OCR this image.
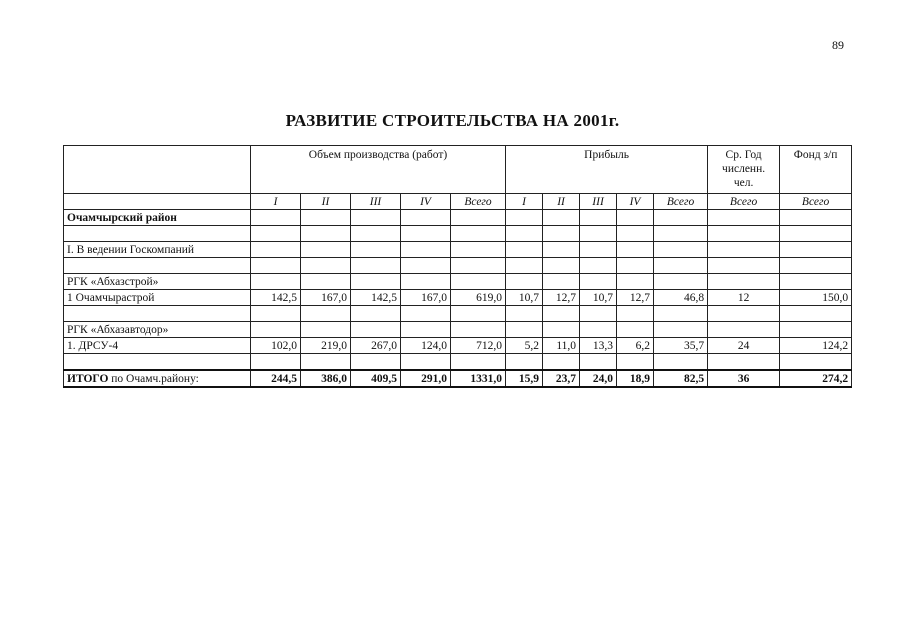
89
РАЗВИТИЕ СТРОИТЕЛЬСТВА НА 2001г.
	Объем производства (работ)					Прибыль					Ср. Год численн. чел.	Фонд з/п
	I	II	III	IV	Всего	I	II	III	IV	Всего	Всего	Всего
Очамчырский район												

I. В ведении Госкомпаний												

РГК «Абхазстрой»												
1 Очамчырастрой	142,5	167,0	142,5	167,0	619,0	10,7	12,7	10,7	12,7	46,8	12	150,0

РГК «Абхазавтодор»												
1. ДРСУ-4	102,0	219,0	267,0	124,0	712,0	5,2	11,0	13,3	6,2	35,7	24	124,2

ИТОГО по Очамч.району:	244,5	386,0	409,5	291,0	1331,0	15,9	23,7	24,0	18,9	82,5	36	274,2
